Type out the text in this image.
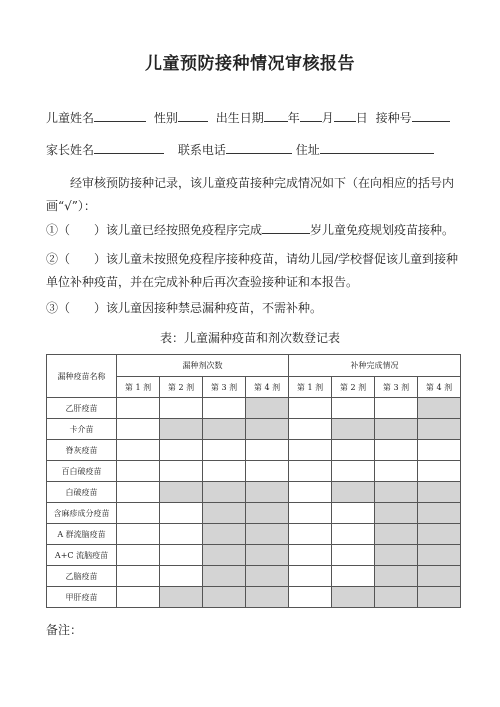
儿童预防接种情况审核报告
儿童姓名	性别	出生日期 年 月 日 接种号
家长姓名	联系电话	住址
经审核预防接种记录，该儿童疫苗接种完成情况如下（在向相应的括号内画“√”）：
①（　　）该儿童已经按照免疫程序完成	岁儿童免疫规划疫苗接种。
②（　　）该儿童未按照免疫程序接种疫苗，请幼儿园/学校督促该儿童到接种单位补种疫苗，并在完成补种后再次查验接种证和本报告。
③（　　）该儿童因接种禁忌漏种疫苗，不需补种。
表：儿童漏种疫苗和剂次数登记表
漏种疫苗名称	漏种剂次数				补种完成情况			
	第 1 剂	第 2 剂	第 3 剂	第 4 剂	第 1 剂	第 2 剂	第 3 剂	第 4 剂
乙肝疫苗								
卡介苗								
脊灰疫苗								
百白破疫苗								
白破疫苗								
含麻疹成分疫苗								
A 群流脑疫苗								
A+C 流脑疫苗								
乙脑疫苗								
甲肝疫苗								
备注：
